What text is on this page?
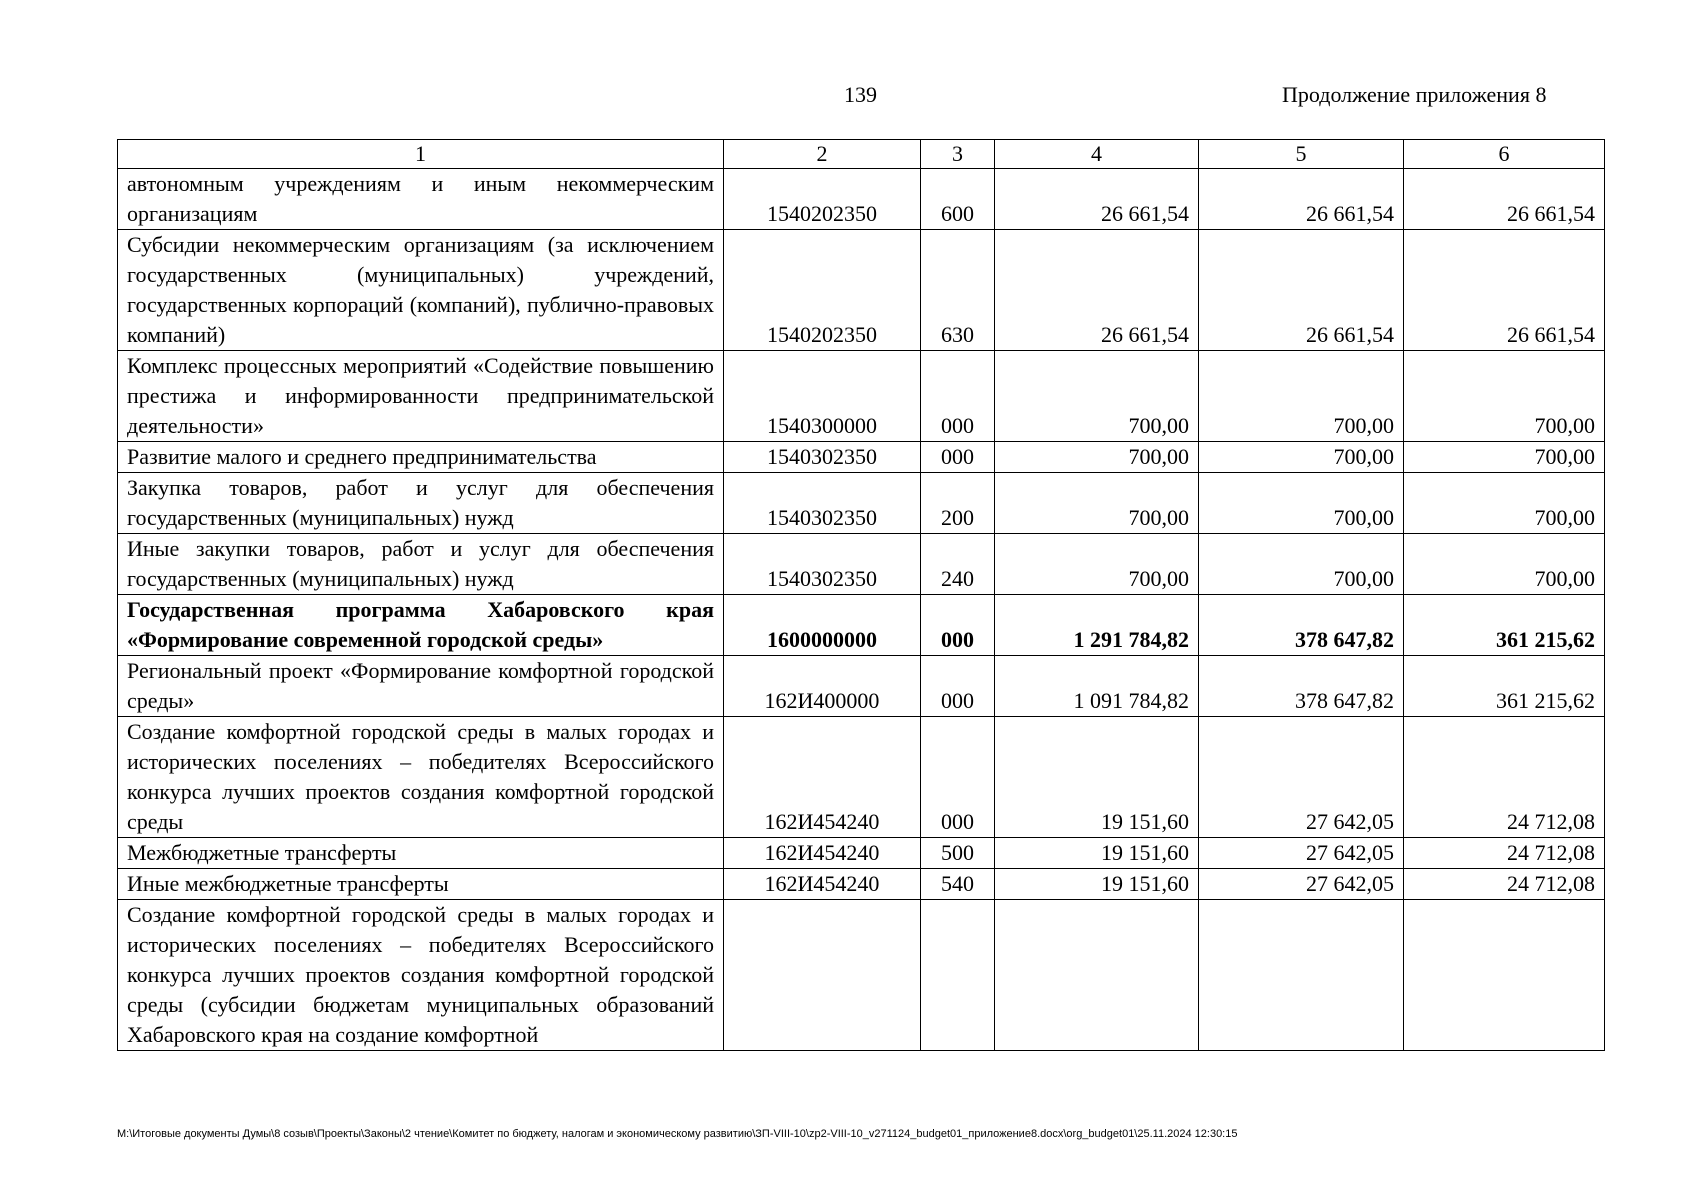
139	Продолжение приложения 8
1	2	3	4	5	6
автономным учреждениям и иным некоммерческим организациям	1540202350	600	26 661,54	26 661,54	26 661,54
Субсидии некоммерческим организациям (за исключением государственных (муниципальных) учреждений, государственных корпораций (компаний), публично-правовых компаний)	1540202350	630	26 661,54	26 661,54	26 661,54
Комплекс процессных мероприятий «Содействие повышению престижа и информированности предпринимательской деятельности»	1540300000	000	700,00	700,00	700,00
Развитие малого и среднего предпринимательства	1540302350	000	700,00	700,00	700,00
Закупка товаров, работ и услуг для обеспечения государственных (муниципальных) нужд	1540302350	200	700,00	700,00	700,00
Иные закупки товаров, работ и услуг для обеспечения государственных (муниципальных) нужд	1540302350	240	700,00	700,00	700,00
Государственная программа Хабаровского края «Формирование современной городской среды»	1600000000	000	1 291 784,82	378 647,82	361 215,62
Региональный проект «Формирование комфортной городской среды»	162И400000	000	1 091 784,82	378 647,82	361 215,62
Создание комфортной городской среды в малых городах и исторических поселениях – победителях Всероссийского конкурса лучших проектов создания комфортной городской среды	162И454240	000	19 151,60	27 642,05	24 712,08
Межбюджетные трансферты	162И454240	500	19 151,60	27 642,05	24 712,08
Иные межбюджетные трансферты	162И454240	540	19 151,60	27 642,05	24 712,08
Создание комфортной городской среды в малых городах и исторических поселениях – победителях Всероссийского конкурса лучших проектов создания комфортной городской среды (субсидии бюджетам муниципальных образований Хабаровского края на создание комфортной					
M:\Итоговые документы Думы\8 созыв\Проекты\Законы\2 чтение\Комитет по бюджету, налогам и экономическому развитию\ЗП-VIII-10\zp2-VIII-10_v271124_budget01_приложение8.docx\org_budget01\25.11.2024 12:30:15
